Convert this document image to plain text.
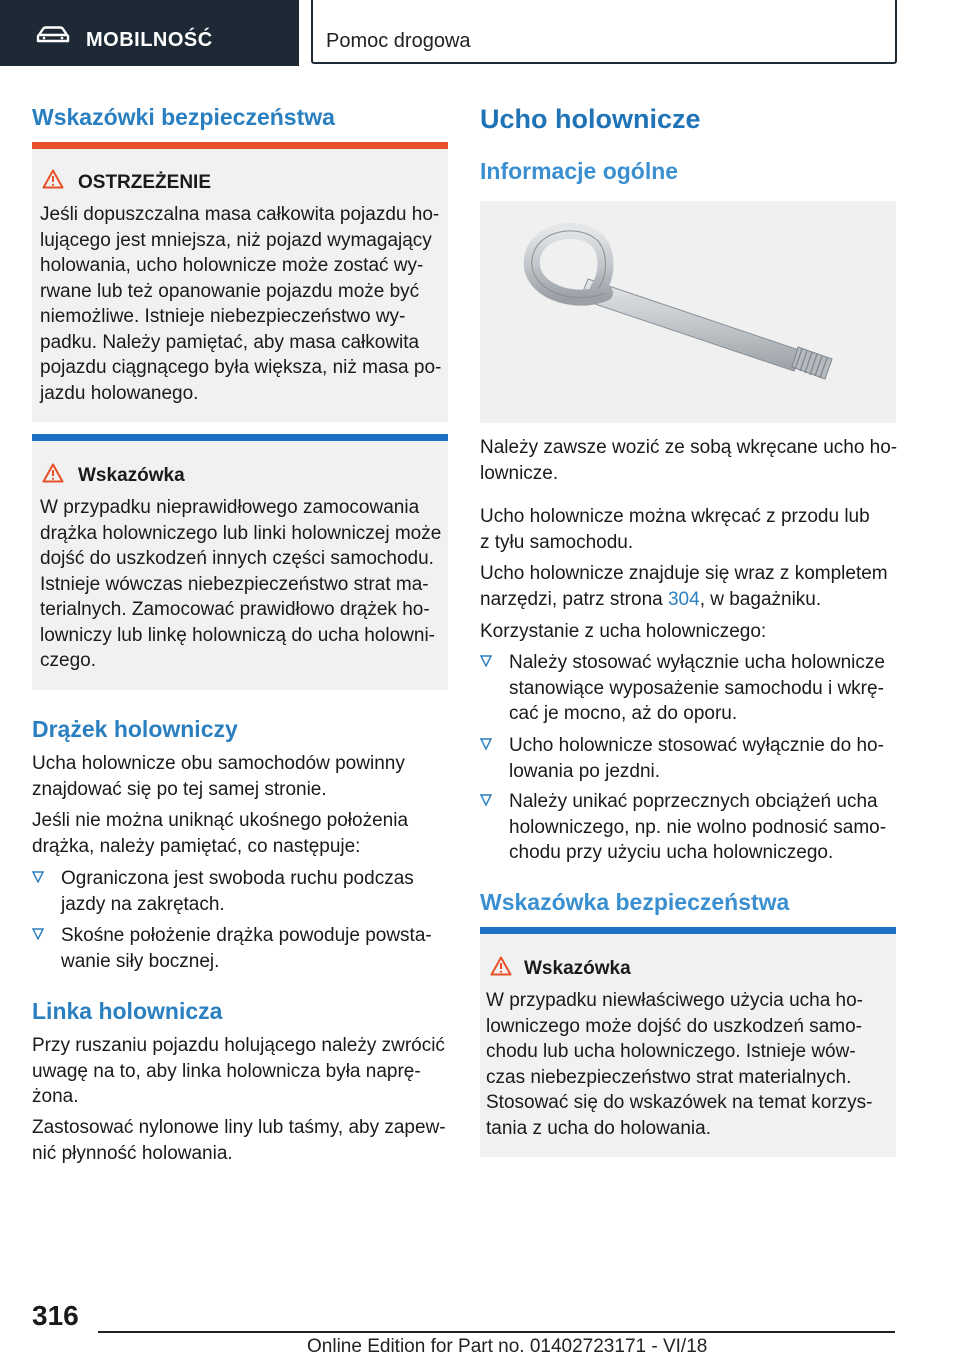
MOBILNOŚĆ	Pomoc drogowa
Wskazówki bezpieczeństwa
OSTRZEŻENIE

Jeśli dopuszczalna masa całkowita pojazdu ho-
lującego jest mniejsza, niż pojazd wymagający
holowania, ucho holownicze może zostać wy-
rwane lub też opanowanie pojazdu może być
niemożliwe. Istnieje niebezpieczeństwo wy-
padku. Należy pamiętać, aby masa całkowita
pojazdu ciągnącego była większa, niż masa po-
jazdu holowanego.

Wskazówka

W przypadku nieprawidłowego zamocowania
drążka holowniczego lub linki holowniczej może
dojść do uszkodzeń innych części samochodu.
Istnieje wówczas niebezpieczeństwo strat ma-
terialnych. Zamocować prawidłowo drążek ho-
lowniczy lub linkę holowniczą do ucha holowni-
czego.

Drążek holowniczy

Ucha holownicze obu samochodów powinny
znajdować się po tej samej stronie.

Jeśli nie można uniknąć ukośnego położenia
drążka, należy pamiętać, co następuje:

Ograniczona jest swoboda ruchu podczas
jazdy na zakrętach.
Skośne położenie drążka powoduje powsta-
wanie siły bocznej.
Linka holownicza

Przy ruszaniu pojazdu holującego należy zwrócić
uwagę na to, aby linka holownicza była naprę-
żona.

Zastosować nylonowe liny lub taśmy, aby zapew-
nić płynność holowania.

Ucho holownicze
Informacje ogólne

Należy zawsze wozić ze sobą wkręcane ucho ho-
lownicze.

Ucho holownicze można wkręcać z przodu lub
z tyłu samochodu.

Ucho holownicze znajduje się wraz z kompletem
narzędzi, patrz strona 304, w bagażniku.

Korzystanie z ucha holowniczego:

Należy stosować wyłącznie ucha holownicze
stanowiące wyposażenie samochodu i wkrę-
cać je mocno, aż do oporu.
Ucho holownicze stosować wyłącznie do ho-
lowania po jezdni.
Należy unikać poprzecznych obciążeń ucha
holowniczego, np. nie wolno podnosić samo-
chodu przy użyciu ucha holowniczego.
Wskazówka bezpieczeństwa
Wskazówka

W przypadku niewłaściwego użycia ucha ho-
lowniczego może dojść do uszkodzeń samo-
chodu lub ucha holowniczego. Istnieje wów-
czas niebezpieczeństwo strat materialnych.
Stosować się do wskazówek na temat korzys-
tania z ucha do holowania.

316
Online Edition for Part no. 01402723171 - VI/18
